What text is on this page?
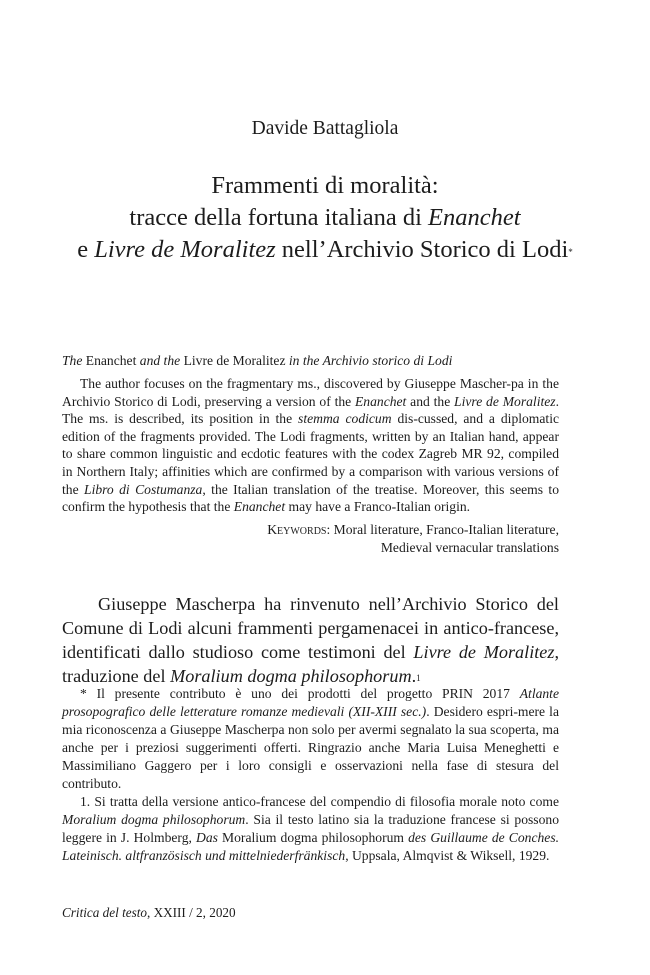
Davide Battagliola
Frammenti di moralità:
tracce della fortuna italiana di Enanchet
e Livre de Moralitez nell’Archivio Storico di Lodi*
The Enanchet and the Livre de Moralitez in the Archivio storico di Lodi

The author focuses on the fragmentary ms., discovered by Giuseppe Mascher-pa in the Archivio Storico di Lodi, preserving a version of the Enanchet and the Livre de Moralitez. The ms. is described, its position in the stemma codicum dis-cussed, and a diplomatic edition of the fragments provided. The Lodi fragments, written by an Italian hand, appear to share common linguistic and ecdotic features with the codex Zagreb MR 92, compiled in Northern Italy; affinities which are confirmed by a comparison with various versions of the Libro di Costumanza, the Italian translation of the treatise. Moreover, this seems to confirm the hypothesis that the Enanchet may have a Franco-Italian origin.

Keywords: Moral literature, Franco-Italian literature,
Medieval vernacular translations

Giuseppe Mascherpa ha rinvenuto nell’Archivio Storico del Comune di Lodi alcuni frammenti pergamenacei in antico-francese, identificati dallo studioso come testimoni del Livre de Moralitez, traduzione del Moralium dogma philosophorum.$^1$

* Il presente contributo è uno dei prodotti del progetto PRIN 2017 Atlante prosopografico delle letterature romanze medievali (XII-XIII sec.). Desidero espri-mere la mia riconoscenza a Giuseppe Mascherpa non solo per avermi segnalato la sua scoperta, ma anche per i preziosi suggerimenti offerti. Ringrazio anche Maria Luisa Meneghetti e Massimiliano Gaggero per i loro consigli e osservazioni nella fase di stesura del contributo.

1. Si tratta della versione antico-francese del compendio di filosofia morale noto come Moralium dogma philosophorum. Sia il testo latino sia la traduzione francese si possono leggere in J. Holmberg, Das Moralium dogma philosophorum des Guillaume de Conches. Lateinisch. altfranzösisch und mittelniederfränkisch, Uppsala, Almqvist & Wiksell, 1929.

Critica del testo, XXIII / 2, 2020
